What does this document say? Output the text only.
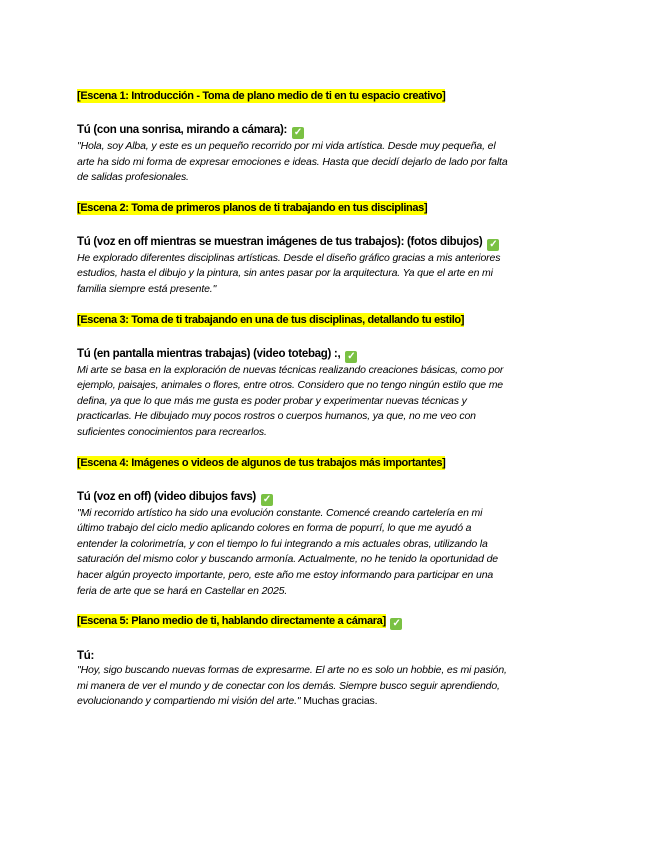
[Escena 1: Introducción - Toma de plano medio de ti en tu espacio creativo]

Tú (con una sonrisa, mirando a cámara): ✓

"Hola, soy Alba, y este es un pequeño recorrido por mi vida artística. Desde muy pequeña, el
arte ha sido mi forma de expresar emociones e ideas. Hasta que decidí dejarlo de lado por falta
de salidas profesionales.

[Escena 2: Toma de primeros planos de ti trabajando en tus disciplinas]

Tú (voz en off mientras se muestran imágenes de tus trabajos): (fotos dibujos) ✓

He explorado diferentes disciplinas artísticas. Desde el diseño gráfico gracias a mis anteriores
estudios, hasta el dibujo y la pintura, sin antes pasar por la arquitectura. Ya que el arte en mi
familia siempre está presente."

[Escena 3: Toma de ti trabajando en una de tus disciplinas, detallando tu estilo]

Tú (en pantalla mientras trabajas) (video totebag) :, ✓

Mi arte se basa en la exploración de nuevas técnicas realizando creaciones básicas, como por
ejemplo, paisajes, animales o flores, entre otros. Considero que no tengo ningún estilo que me
defina, ya que lo que más me gusta es poder probar y experimentar nuevas técnicas y
practicarlas. He dibujado muy pocos rostros o cuerpos humanos, ya que, no me veo con
suficientes conocimientos para recrearlos.

[Escena 4: Imágenes o videos de algunos de tus trabajos más importantes]

Tú (voz en off) (video dibujos favs) ✓

"Mi recorrido artístico ha sido una evolución constante. Comencé creando cartelería en mi
último trabajo del ciclo medio aplicando colores en forma de popurrí, lo que me ayudó a
entender la colorimetría, y con el tiempo lo fui integrando a mis actuales obras, utilizando la
saturación del mismo color y buscando armonía. Actualmente, no he tenido la oportunidad de
hacer algún proyecto importante, pero, este año me estoy informando para participar en una
feria de arte que se hará en Castellar en 2025.

[Escena 5: Plano medio de ti, hablando directamente a cámara] ✓

Tú:

"Hoy, sigo buscando nuevas formas de expresarme. El arte no es solo un hobbie, es mi pasión,
mi manera de ver el mundo y de conectar con los demás. Siempre busco seguir aprendiendo,
evolucionando y compartiendo mi visión del arte." Muchas gracias.
